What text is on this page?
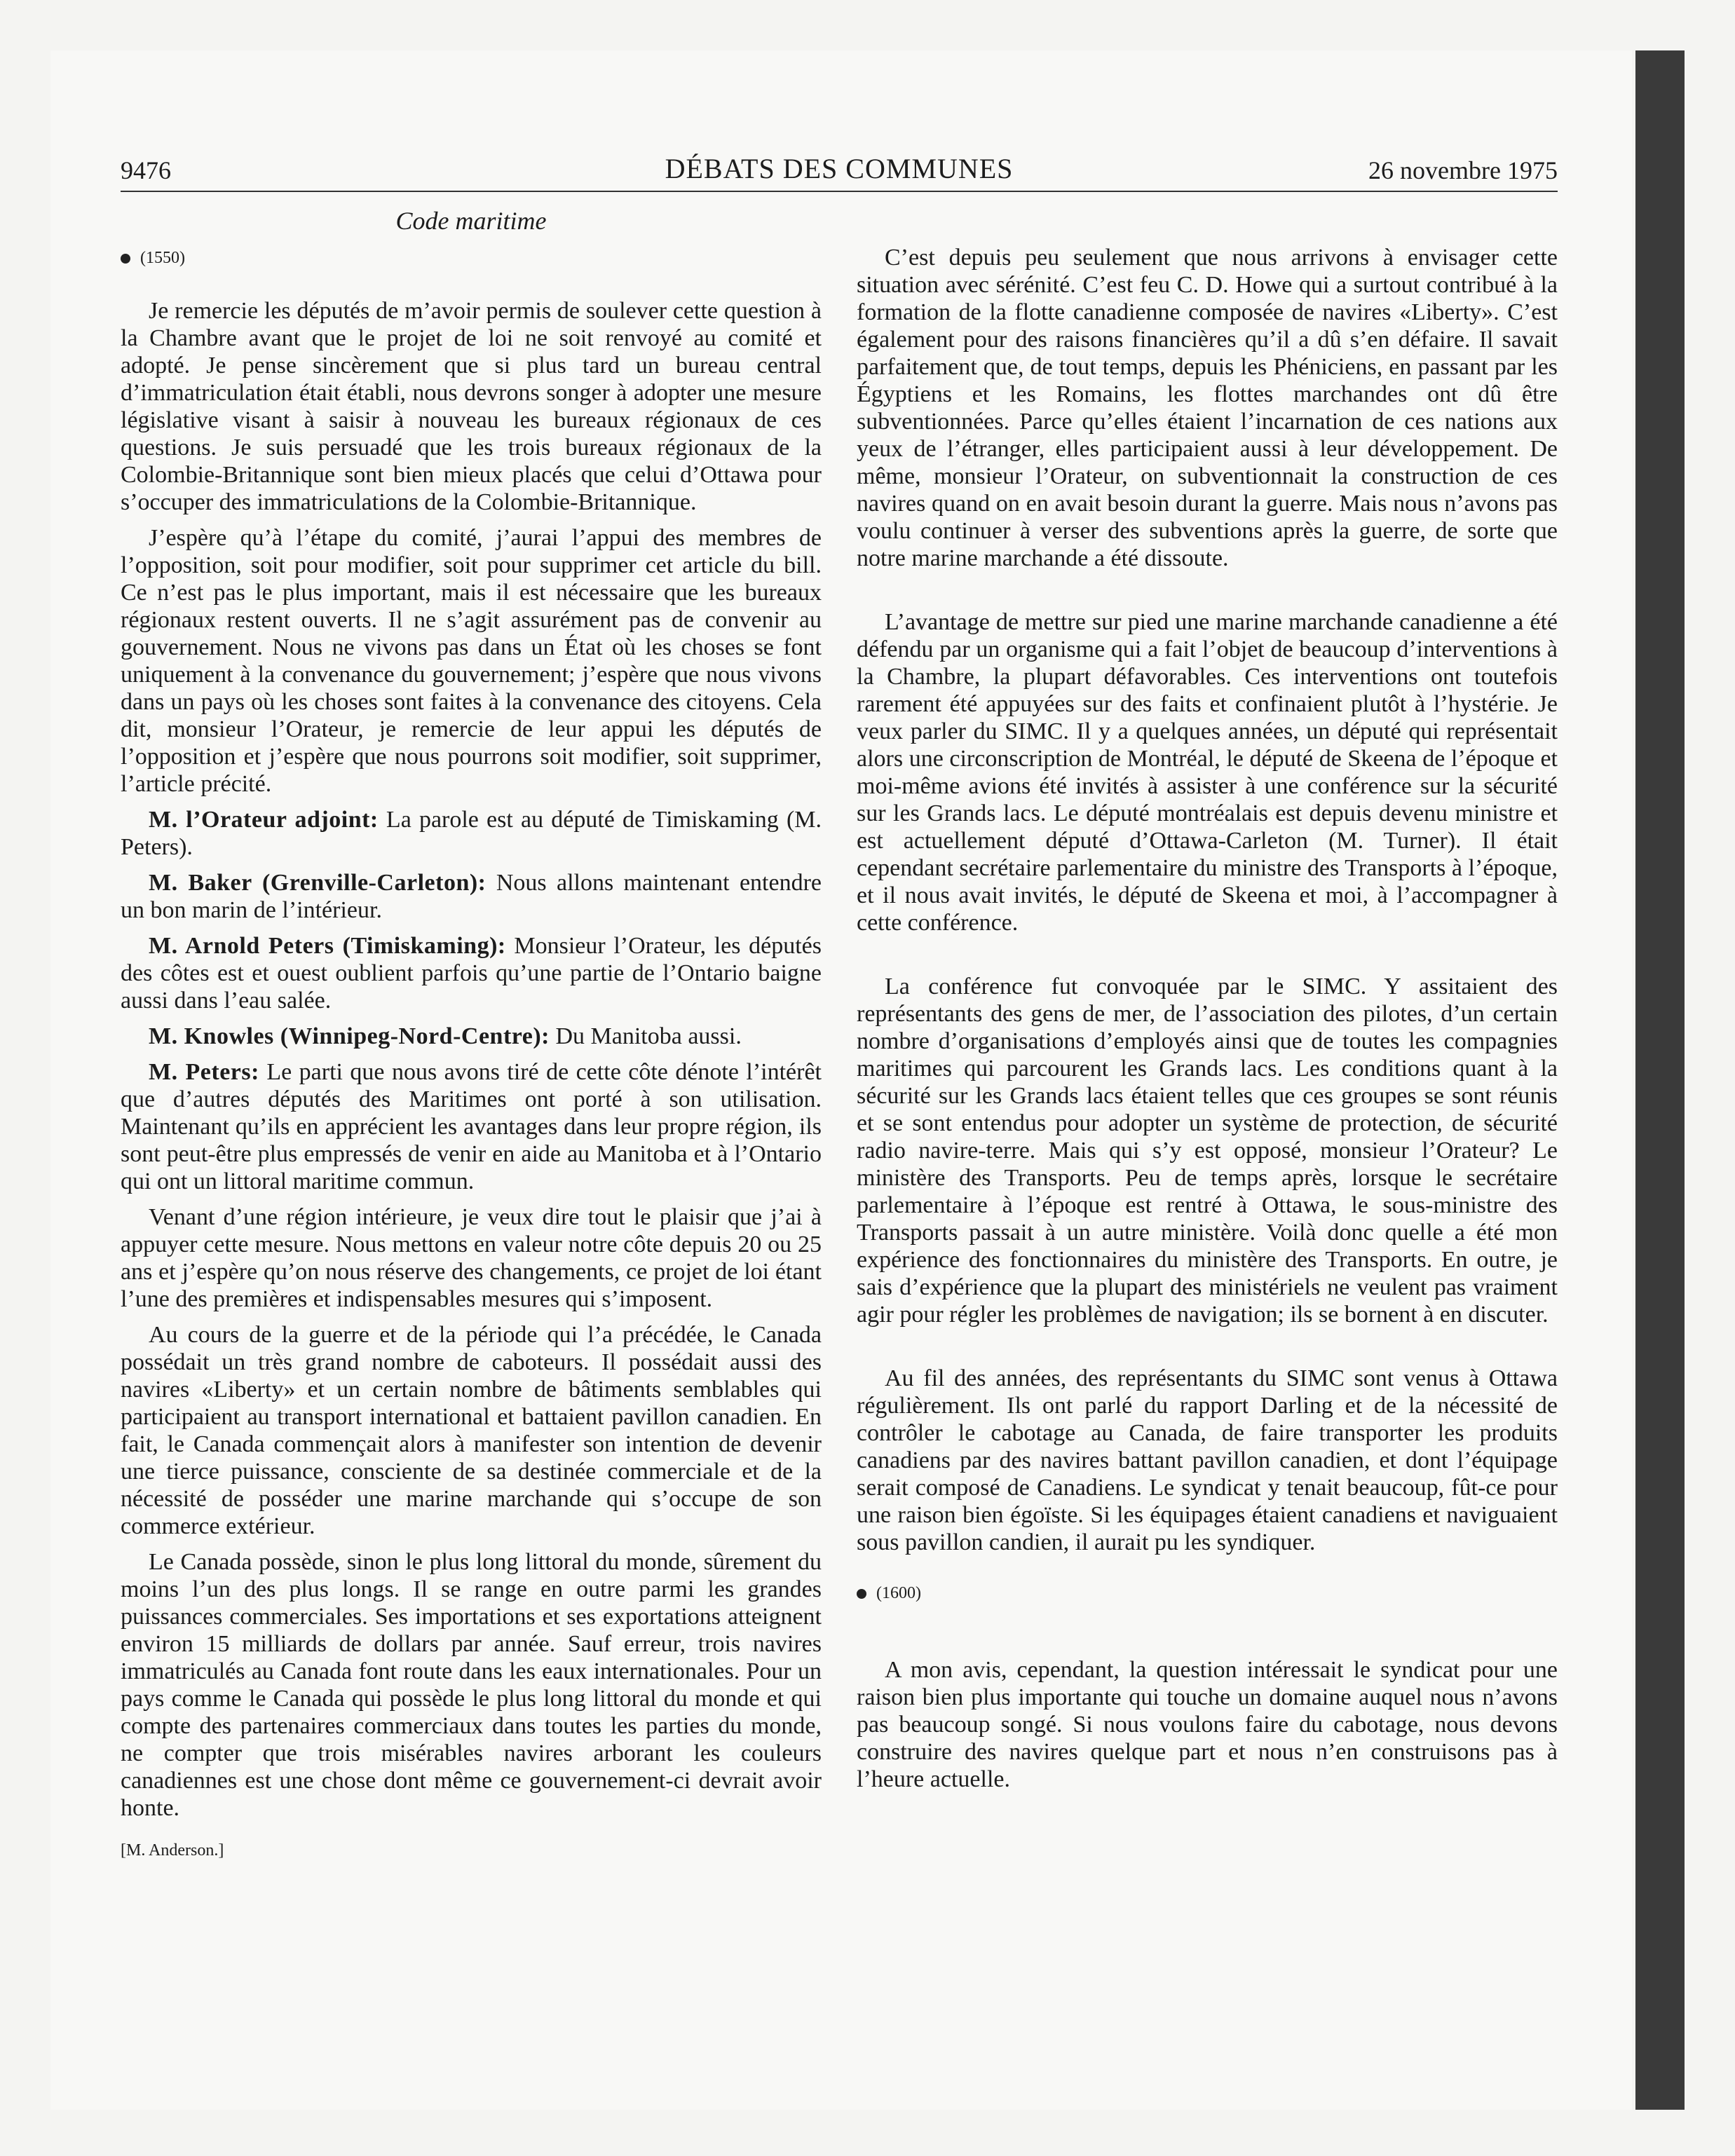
9476	DÉBATS DES COMMUNES	26 novembre 1975
Code maritime
(1550)

Je remercie les députés de m’avoir permis de soulever cette question à la Chambre avant que le projet de loi ne soit renvoyé au comité et adopté. Je pense sincèrement que si plus tard un bureau central d’immatriculation était établi, nous devrons songer à adopter une mesure législative visant à saisir à nouveau les bureaux régionaux de ces questions. Je suis persuadé que les trois bureaux régionaux de la Colombie-Britannique sont bien mieux placés que celui d’Ottawa pour s’occuper des immatriculations de la Colombie-Britannique.

J’espère qu’à l’étape du comité, j’aurai l’appui des membres de l’opposition, soit pour modifier, soit pour supprimer cet article du bill. Ce n’est pas le plus important, mais il est nécessaire que les bureaux régionaux restent ouverts. Il ne s’agit assurément pas de convenir au gouvernement. Nous ne vivons pas dans un État où les choses se font uniquement à la convenance du gouvernement; j’espère que nous vivons dans un pays où les choses sont faites à la convenance des citoyens. Cela dit, monsieur l’Orateur, je remercie de leur appui les députés de l’opposition et j’espère que nous pourrons soit modifier, soit supprimer, l’article précité.

M. l’Orateur adjoint: La parole est au député de Timiskaming (M. Peters).

M. Baker (Grenville-Carleton): Nous allons maintenant entendre un bon marin de l’intérieur.

M. Arnold Peters (Timiskaming): Monsieur l’Orateur, les députés des côtes est et ouest oublient parfois qu’une partie de l’Ontario baigne aussi dans l’eau salée.

M. Knowles (Winnipeg-Nord-Centre): Du Manitoba aussi.

M. Peters: Le parti que nous avons tiré de cette côte dénote l’intérêt que d’autres députés des Maritimes ont porté à son utilisation. Maintenant qu’ils en apprécient les avantages dans leur propre région, ils sont peut-être plus empressés de venir en aide au Manitoba et à l’Ontario qui ont un littoral maritime commun.

Venant d’une région intérieure, je veux dire tout le plaisir que j’ai à appuyer cette mesure. Nous mettons en valeur notre côte depuis 20 ou 25 ans et j’espère qu’on nous réserve des changements, ce projet de loi étant l’une des premières et indispensables mesures qui s’imposent.

Au cours de la guerre et de la période qui l’a précédée, le Canada possédait un très grand nombre de caboteurs. Il possédait aussi des navires «Liberty» et un certain nombre de bâtiments semblables qui participaient au transport international et battaient pavillon canadien. En fait, le Canada commençait alors à manifester son intention de devenir une tierce puissance, consciente de sa destinée commerciale et de la nécessité de posséder une marine marchande qui s’occupe de son commerce extérieur.

Le Canada possède, sinon le plus long littoral du monde, sûrement du moins l’un des plus longs. Il se range en outre parmi les grandes puissances commerciales. Ses importations et ses exportations atteignent environ 15 milliards de dollars par année. Sauf erreur, trois navires immatriculés au Canada font route dans les eaux internationales. Pour un pays comme le Canada qui possède le plus long littoral du monde et qui compte des partenaires commerciaux dans toutes les parties du monde, ne compter que trois misérables navires arborant les couleurs canadiennes est une chose dont même ce gouvernement-ci devrait avoir honte.

[M. Anderson.]

C’est depuis peu seulement que nous arrivons à envisager cette situation avec sérénité. C’est feu C. D. Howe qui a surtout contribué à la formation de la flotte canadienne composée de navires «Liberty». C’est également pour des raisons financières qu’il a dû s’en défaire. Il savait parfaitement que, de tout temps, depuis les Phéniciens, en passant par les Égyptiens et les Romains, les flottes marchandes ont dû être subventionnées. Parce qu’elles étaient l’incarnation de ces nations aux yeux de l’étranger, elles participaient aussi à leur développement. De même, monsieur l’Orateur, on subventionnait la construction de ces navires quand on en avait besoin durant la guerre. Mais nous n’avons pas voulu continuer à verser des subventions après la guerre, de sorte que notre marine marchande a été dissoute.

L’avantage de mettre sur pied une marine marchande canadienne a été défendu par un organisme qui a fait l’objet de beaucoup d’interventions à la Chambre, la plupart défavorables. Ces interventions ont toutefois rarement été appuyées sur des faits et confinaient plutôt à l’hystérie. Je veux parler du SIMC. Il y a quelques années, un député qui représentait alors une circonscription de Montréal, le député de Skeena de l’époque et moi-même avions été invités à assister à une conférence sur la sécurité sur les Grands lacs. Le député montréalais est depuis devenu ministre et est actuellement député d’Ottawa-Carleton (M. Turner). Il était cependant secrétaire parlementaire du ministre des Transports à l’époque, et il nous avait invités, le député de Skeena et moi, à l’accompagner à cette conférence.

La conférence fut convoquée par le SIMC. Y assitaient des représentants des gens de mer, de l’association des pilotes, d’un certain nombre d’organisations d’employés ainsi que de toutes les compagnies maritimes qui parcourent les Grands lacs. Les conditions quant à la sécurité sur les Grands lacs étaient telles que ces groupes se sont réunis et se sont entendus pour adopter un système de protection, de sécurité radio navire-terre. Mais qui s’y est opposé, monsieur l’Orateur? Le ministère des Transports. Peu de temps après, lorsque le secrétaire parlementaire à l’époque est rentré à Ottawa, le sous-ministre des Transports passait à un autre ministère. Voilà donc quelle a été mon expérience des fonctionnaires du ministère des Transports. En outre, je sais d’expérience que la plupart des ministériels ne veulent pas vraiment agir pour régler les problèmes de navigation; ils se bornent à en discuter.

Au fil des années, des représentants du SIMC sont venus à Ottawa régulièrement. Ils ont parlé du rapport Darling et de la nécessité de contrôler le cabotage au Canada, de faire transporter les produits canadiens par des navires battant pavillon canadien, et dont l’équipage serait composé de Canadiens. Le syndicat y tenait beaucoup, fût-ce pour une raison bien égoïste. Si les équipages étaient canadiens et naviguaient sous pavillon candien, il aurait pu les syndiquer.

(1600)

A mon avis, cependant, la question intéressait le syndicat pour une raison bien plus importante qui touche un domaine auquel nous n’avons pas beaucoup songé. Si nous voulons faire du cabotage, nous devons construire des navires quelque part et nous n’en construisons pas à l’heure actuelle.
